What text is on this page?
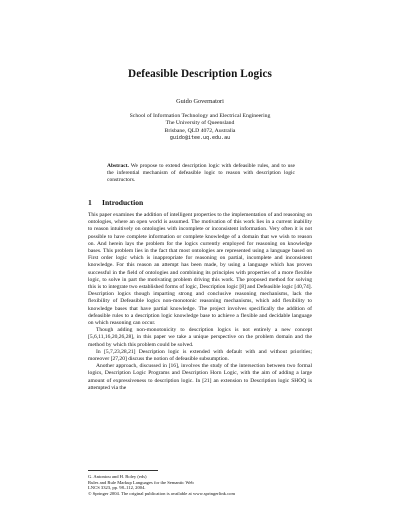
Defeasible Description Logics
Guido Governatori
School of Information Technology and Electrical Engineering
The University of Queensland
Brisbane, QLD 4072, Australia
guido@itee.uq.edu.au
Abstract. We propose to extend description logic with defeasible rules, and to use the inferential mechanism of defeasible logic to reason with description logic constructors.
1 Introduction

This paper examines the addition of intelligent properties to the implementation of and reasoning on ontologies, where an open world is assumed. The motivation of this work lies in a current inability to reason intuitively on ontologies with incomplete or inconsistent information. Very often it is not possible to have complete information or complete knowledge of a domain that we wish to reason on. And herein lays the problem for the logics currently employed for reasoning on knowledge bases. This problem lies in the fact that most ontologies are represented using a language based on First order logic which is inappropriate for reasoning on partial, incomplete and inconsistent knowledge. For this reason an attempt has been made, by using a language which has proven successful in the field of ontologies and combining its principles with properties of a more flexible logic, to solve in part the motivating problem driving this work. The proposed method for solving this is to integrate two established forms of logic, Description logic [8] and Defeasible logic [40,74]. Description logics though imparting strong and conclusive reasoning mechanisms, lack the flexibility of Defeasible logics non-monotonic reasoning mechanisms, which add flexibility to knowledge bases that have partial knowledge. The project involves specifically the addition of defeasible rules to a description logic knowledge base to achieve a flexible and decidable language on which reasoning can occur.

Though adding non-monotonicity to description logics is not entirely a new concept [5,6,11,16,20,26,28], in this paper we take a unique perspective on the problem domain and the method by which this problem could be solved.

In [5,7,23,28,21] Description logic is extended with default with and without priorities; moreover [27,20] discuss the notion of defeasible subsumption.

Another approach, discussed in [16], involves the study of the intersection between two formal logics, Description Logic Programs and Description Horn Logic, with the aim of adding a large amount of expressiveness to description logic. In [21] an extension to Description logic SHOQ is attempted via the

G. Antoniou and H. Boley (eds)
Rules and Rule Markup Languages for the Semantic Web
LNCS 3323, pp. 98–112, 2004.
© Springer 2004. The original publication is available at www.springerlink.com
